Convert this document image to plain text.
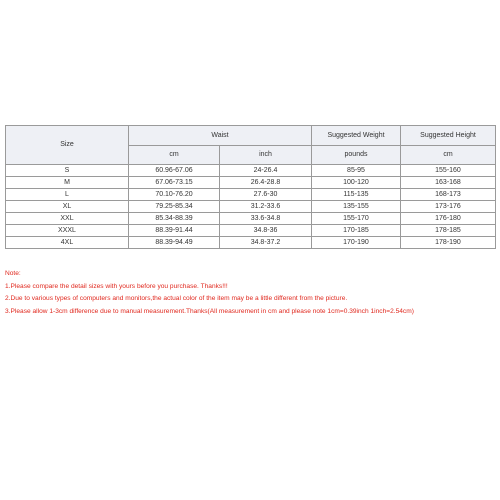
Size	Waist		Suggested Weight	Suggested Height
	cm	inch	pounds	cm
S	60.96-67.06	24-26.4	85-95	155-160
M	67.06-73.15	26.4-28.8	100-120	163-168
L	70.10-76.20	27.6-30	115-135	168-173
XL	79.25-85.34	31.2-33.6	135-155	173-176
XXL	85.34-88.39	33.6-34.8	155-170	176-180
XXXL	88.39-91.44	34.8-36	170-185	178-185
4XL	88.39-94.49	34.8-37.2	170-190	178-190
Note:
1.Please compare the detail sizes with yours before you purchase. Thanks!!!
2.Due to various types of computers and monitors,the actual color of the item may be a little different from the picture.
3.Please allow 1-3cm difference due to manual measurement.Thanks(All measurement in cm and please note 1cm=0.39inch 1inch=2.54cm)
